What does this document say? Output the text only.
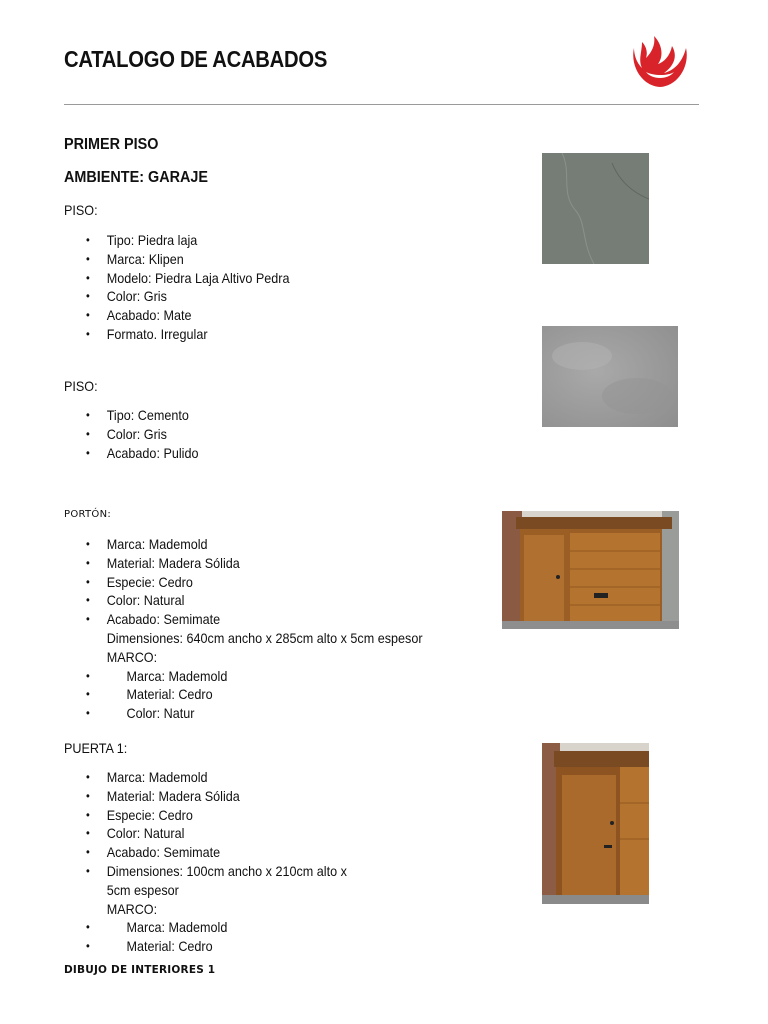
CATALOGO DE ACABADOS
PRIMER PISO
AMBIENTE: GARAJE
PISO:
• Tipo: Piedra laja
• Marca: Klipen
• Modelo: Piedra Laja Altivo Pedra
• Color: Gris
• Acabado: Mate
• Formato. Irregular
PISO:
• Tipo: Cemento
• Color: Gris
• Acabado: Pulido
PORTÓN:
• Marca: Mademold
• Material: Madera Sólida
• Especie: Cedro
• Color: Natural
• Acabado: Semimate
Dimensiones: 640cm ancho x 285cm alto x 5cm espesor
MARCO:
• Marca: Mademold
• Material: Cedro
• Color: Natur
PUERTA 1:
• Marca: Mademold
• Material: Madera Sólida
• Especie: Cedro
• Color: Natural
• Acabado: Semimate
• Dimensiones: 100cm ancho x 210cm alto x
5cm espesor
MARCO:
• Marca: Mademold
• Material: Cedro
DIBUJO DE INTERIORES 1
